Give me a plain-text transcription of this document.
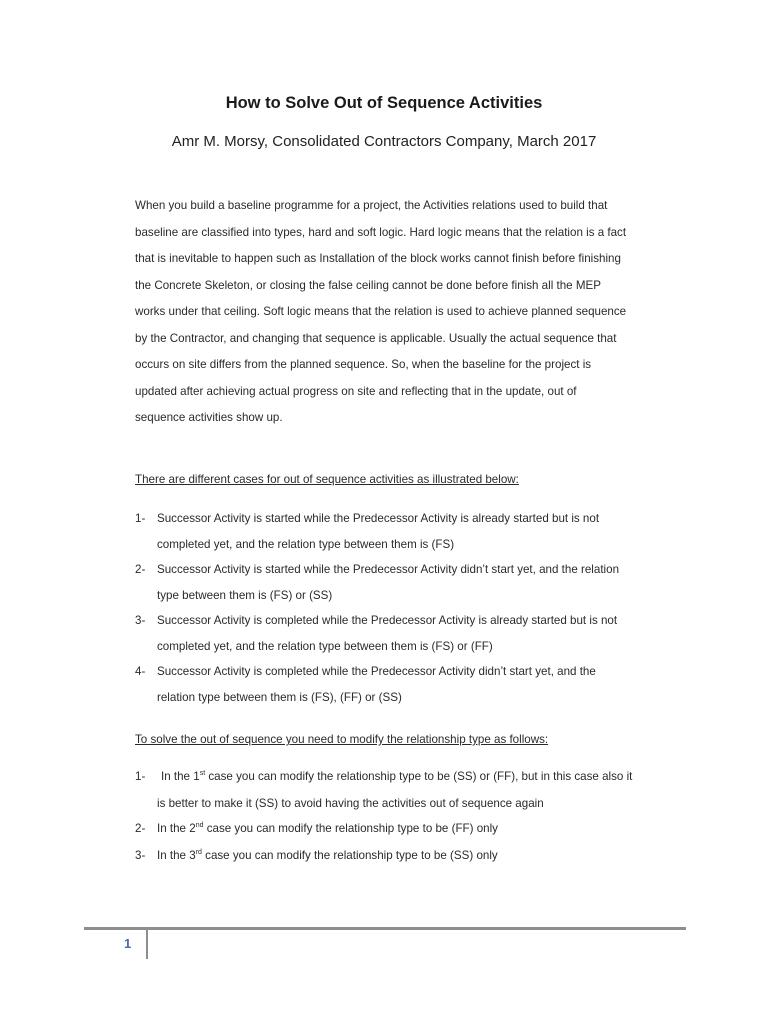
How to Solve Out of Sequence Activities
Amr M. Morsy, Consolidated Contractors Company, March 2017
When you build a baseline programme for a project, the Activities relations used to build that
baseline are classified into types, hard and soft logic. Hard logic means that the relation is a fact
that is inevitable to happen such as Installation of the block works cannot finish before finishing
the Concrete Skeleton, or closing the false ceiling cannot be done before finish all the MEP
works under that ceiling. Soft logic means that the relation is used to achieve planned sequence
by the Contractor, and changing that sequence is applicable. Usually the actual sequence that
occurs on site differs from the planned sequence. So, when the baseline for the project is
updated after achieving actual progress on site and reflecting that in the update, out of
sequence activities show up.
There are different cases for out of sequence activities as illustrated below:
1- Successor Activity is started while the Predecessor Activity is already started but is not
completed yet, and the relation type between them is (FS)
2- Successor Activity is started while the Predecessor Activity didn’t start yet, and the relation
type between them is (FS) or (SS)
3- Successor Activity is completed while the Predecessor Activity is already started but is not
completed yet, and the relation type between them is (FS) or (FF)
4- Successor Activity is completed while the Predecessor Activity didn’t start yet, and the
relation type between them is (FS), (FF) or (SS)
To solve the out of sequence you need to modify the relationship type as follows:
1- In the 1st case you can modify the relationship type to be (SS) or (FF), but in this case also it
is better to make it (SS) to avoid having the activities out of sequence again
2- In the 2nd case you can modify the relationship type to be (FF) only
3- In the 3rd case you can modify the relationship type to be (SS) only
1
